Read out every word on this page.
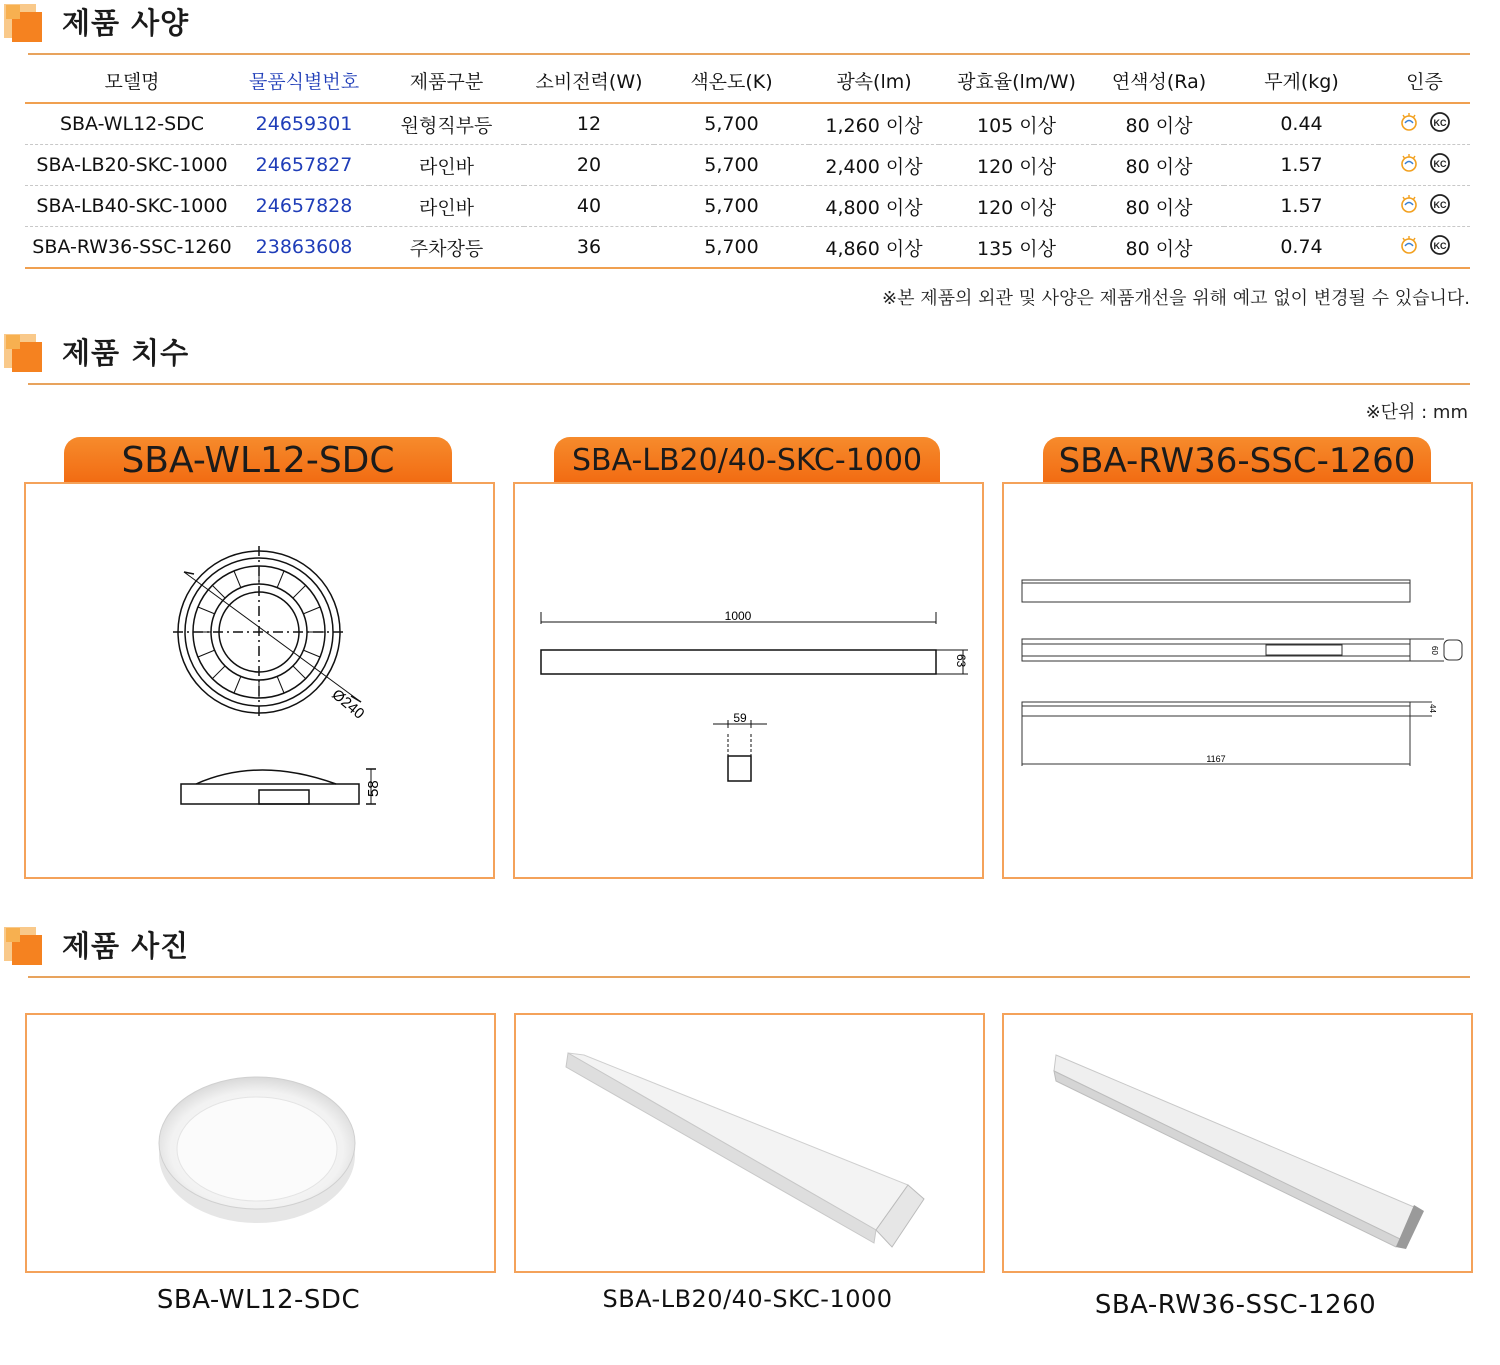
제품 사양
모델명	물품식별번호	제품구분	소비전력(W)	색온도(K)	광속(lm)	광효율(lm/W)	연색성(Ra)	무게(kg)	인증
SBA-WL12-SDC	24659301	원형직부등	12	5,700	1,260 이상	105 이상	80 이상	0.44	KC

SBA-LB20-SKC-1000	24657827	라인바	20	5,700	2,400 이상	120 이상	80 이상	1.57	KC

SBA-LB40-SKC-1000	24657828	라인바	40	5,700	4,800 이상	120 이상	80 이상	1.57	KC

SBA-RW36-SSC-1260	23863608	주차장등	36	5,700	4,860 이상	135 이상	80 이상	0.74	KC
※본 제품의 외관 및 사양은 제품개선을 위해 예고 없이 변경될 수 있습니다.
제품 치수
※단위 : mm
SBA-WL12-SDC
Ø240
58
SBA-LB20/40-SKC-1000
1000
63
59
SBA-RW36-SSC-1260
1167
60
44
제품 사진
SBA-WL12-SDC	SBA-LB20/40-SKC-1000	SBA-RW36-SSC-1260
